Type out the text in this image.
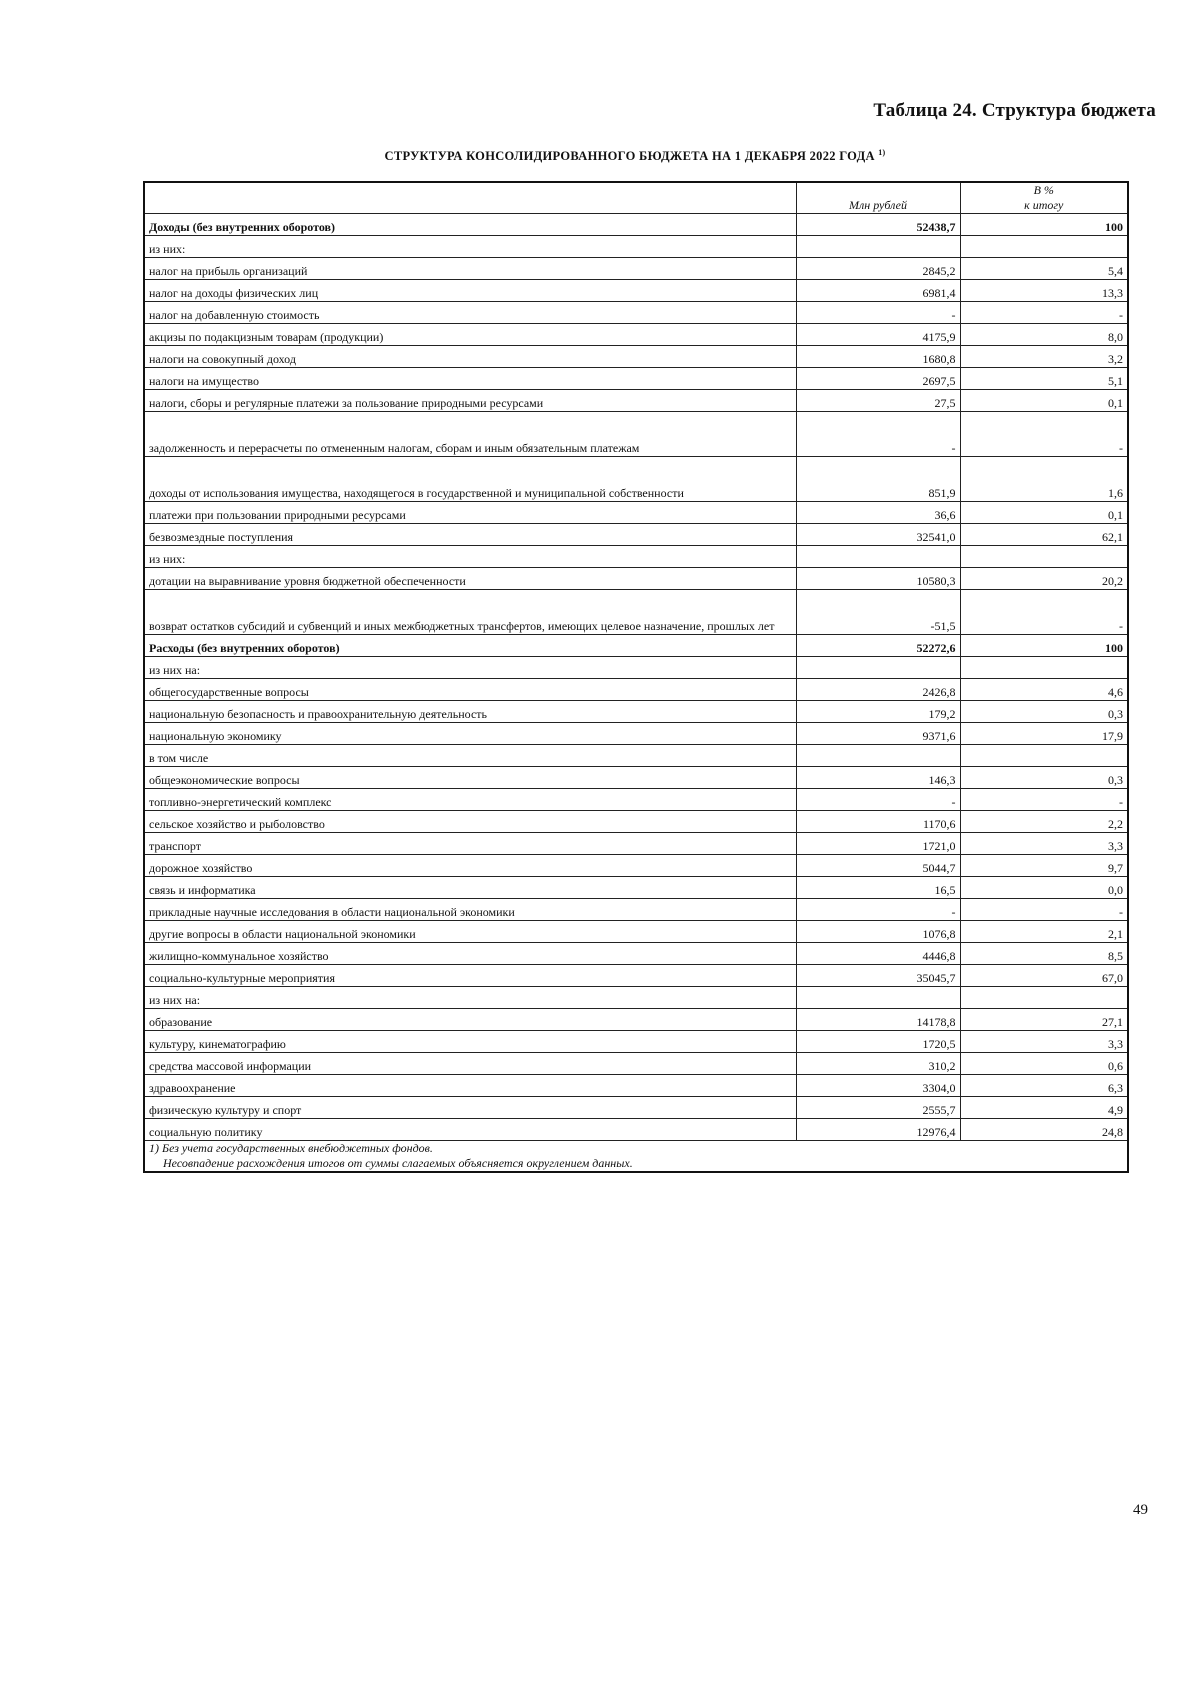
Таблица 24. Структура бюджета
СТРУКТУРА КОНСОЛИДИРОВАННОГО БЮДЖЕТА НА 1 ДЕКАБРЯ 2022 ГОДА $^{1)}$
	Млн рублей	В %
к итогу
Доходы (без внутренних оборотов)	52438,7	100
из них:		
налог на прибыль организаций	2845,2	5,4
налог на доходы физических лиц	6981,4	13,3
налог на добавленную стоимость	-	-
акцизы по подакцизным товарам (продукции)	4175,9	8,0
налоги на совокупный доход	1680,8	3,2
налоги на имущество	2697,5	5,1
налоги, сборы и регулярные платежи за пользование природными ресурсами	27,5	0,1
задолженность и перерасчеты по отмененным налогам, сборам и иным обязательным платежам	-	-
доходы от использования имущества, находящегося в государственной и муниципальной собственности	851,9	1,6
платежи при пользовании природными ресурсами	36,6	0,1
безвозмездные поступления	32541,0	62,1
из них:		
дотации на выравнивание уровня бюджетной обеспеченности	10580,3	20,2
возврат остатков субсидий и субвенций и иных межбюджетных трансфертов, имеющих целевое назначение, прошлых лет	-51,5	-
Расходы (без внутренних оборотов)	52272,6	100
из них на:		
общегосударственные вопросы	2426,8	4,6
национальную безопасность и правоохранительную деятельность	179,2	0,3
национальную экономику	9371,6	17,9
в том числе		
общеэкономические вопросы	146,3	0,3
топливно-энергетический комплекс	-	-
сельское хозяйство и рыболовство	1170,6	2,2
транспорт	1721,0	3,3
дорожное хозяйство	5044,7	9,7
связь и информатика	16,5	0,0
прикладные научные исследования в области национальной экономики	-	-
другие вопросы в области национальной экономики	1076,8	2,1
жилищно-коммунальное хозяйство	4446,8	8,5
социально-культурные мероприятия	35045,7	67,0
из них на:		
образование	14178,8	27,1
культуру, кинематографию	1720,5	3,3
средства массовой информации	310,2	0,6
здравоохранение	3304,0	6,3
физическую культуру и спорт	2555,7	4,9
социальную политику	12976,4	24,8
1) Без учета государственных внебюджетных фондов.
Несовпадение расхождения итогов от суммы слагаемых объясняется округлением данных.		
49
